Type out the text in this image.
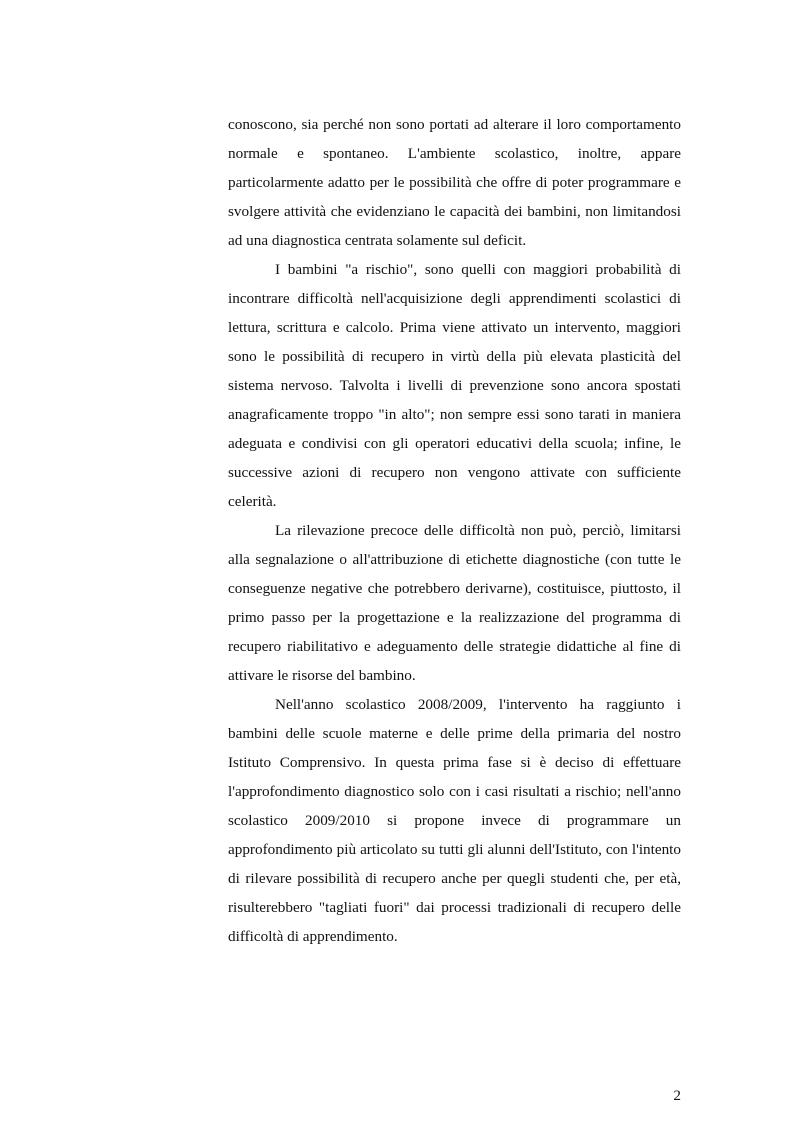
conoscono, sia perché non sono portati ad alterare il loro comportamento normale e spontaneo. L'ambiente scolastico, inoltre, appare particolarmente adatto per le possibilità che offre di poter programmare e svolgere attività che evidenziano le capacità dei bambini, non limitandosi ad una diagnostica centrata solamente sul deficit.

I bambini "a rischio", sono quelli con maggiori probabilità di incontrare difficoltà nell'acquisizione degli apprendimenti scolastici di lettura, scrittura e calcolo. Prima viene attivato un intervento, maggiori sono le possibilità di recupero in virtù della più elevata plasticità del sistema nervoso. Talvolta i livelli di prevenzione sono ancora spostati anagraficamente troppo "in alto"; non sempre essi sono tarati in maniera adeguata e condivisi con gli operatori educativi della scuola; infine, le successive azioni di recupero non vengono attivate con sufficiente celerità.

La rilevazione precoce delle difficoltà non può, perciò, limitarsi alla segnalazione o all'attribuzione di etichette diagnostiche (con tutte le conseguenze negative che potrebbero derivarne), costituisce, piuttosto, il primo passo per la progettazione e la realizzazione del programma di recupero riabilitativo e adeguamento delle strategie didattiche al fine di attivare le risorse del bambino.

Nell'anno scolastico 2008/2009, l'intervento ha raggiunto i bambini delle scuole materne e delle prime della primaria del nostro Istituto Comprensivo. In questa prima fase si è deciso di effettuare l'approfondimento diagnostico solo con i casi risultati a rischio; nell'anno scolastico 2009/2010 si propone invece di programmare un approfondimento più articolato su tutti gli alunni dell'Istituto, con l'intento di rilevare possibilità di recupero anche per quegli studenti che, per età, risulterebbero "tagliati fuori" dai processi tradizionali di recupero delle difficoltà di apprendimento.

2
